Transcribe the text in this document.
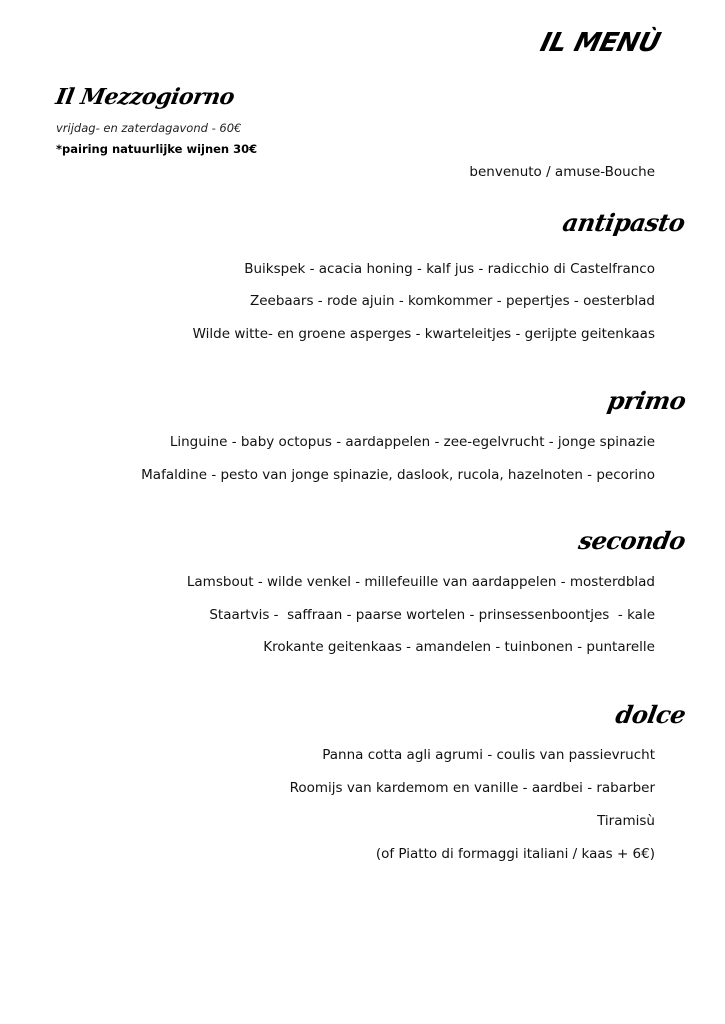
IL MENÙ
Il Mezzogiorno
vrijdag- en zaterdagavond - 60€
*pairing natuurlijke wijnen 30€
benvenuto / amuse-Bouche
antipasto
Buikspek - acacia honing - kalf jus - radicchio di Castelfranco
Zeebaars - rode ajuin - komkommer - pepertjes - oesterblad
Wilde witte- en groene asperges - kwarteleitjes - gerijpte geitenkaas
primo
Linguine - baby octopus - aardappelen - zee-egelvrucht - jonge spinazie
Mafaldine - pesto van jonge spinazie, daslook, rucola, hazelnoten - pecorino
secondo
Lamsbout - wilde venkel - millefeuille van aardappelen - mosterdblad
Staartvis -  saffraan - paarse wortelen - prinsessenboontjes  - kale
Krokante geitenkaas - amandelen - tuinbonen - puntarelle
dolce
Panna cotta agli agrumi - coulis van passievrucht
Roomijs van kardemom en vanille - aardbei - rabarber
Tiramisù
(of Piatto di formaggi italiani / kaas + 6€)
